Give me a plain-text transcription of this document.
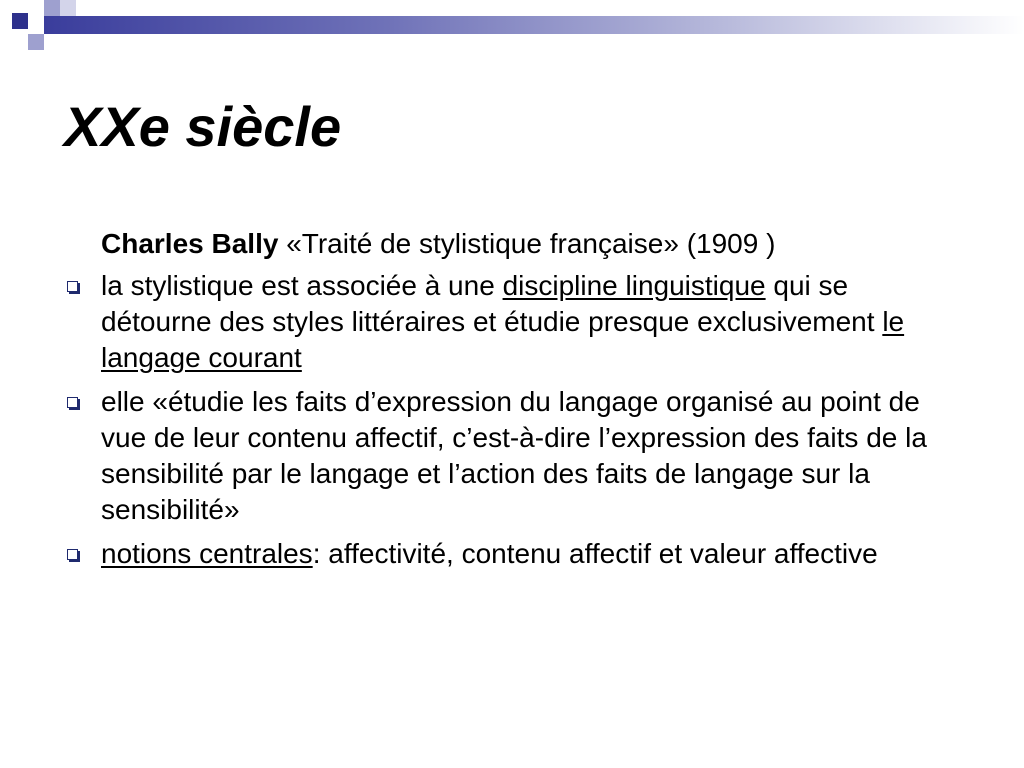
XXe siècle
Charles Bally «Traité de stylistique française» (1909 )
la stylistique est associée à une discipline linguistique qui se détourne des styles littéraires et étudie presque exclusivement le langage courant
elle «étudie les faits d’expression du langage organisé au point de vue de leur contenu affectif, c’est-à-dire l’expression des faits de la sensibilité par le langage et l’action des faits de langage sur la sensibilité»
notions centrales: affectivité, contenu affectif et valeur affective
